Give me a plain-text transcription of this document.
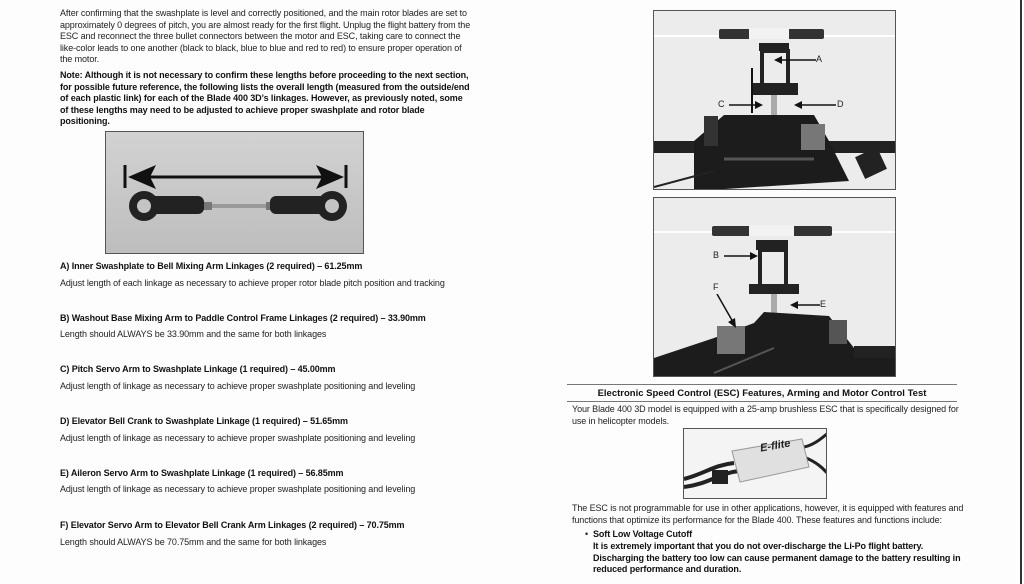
After confirming that the swashplate is level and correctly positioned, and the main rotor blades are set to approximately 0 degrees of pitch, you are almost ready for the first flight. Unplug the flight battery from the ESC and reconnect the three bullet connectors between the motor and ESC, taking care to connect the like-color leads to one another (black to black, blue to blue and red to red) to ensure proper operation of the motor.
Note: Although it is not necessary to confirm these lengths before proceeding to the next section, for possible future reference, the following lists the overall length (measured from the outside/end of each plastic link) for each of the Blade 400 3D’s linkages. However, as previously noted, some of these lengths may need to be adjusted to achieve proper swashplate and rotor blade positioning.
A) Inner Swashplate to Bell Mixing Arm Linkages (2 required) – 61.25mm
Adjust length of each linkage as necessary to achieve proper rotor blade pitch position and tracking
B) Washout Base Mixing Arm to Paddle Control Frame Linkages (2 required) – 33.90mm
Length should ALWAYS be 33.90mm and the same for both linkages
C) Pitch Servo Arm to Swashplate Linkage (1 required) – 45.00mm
Adjust length of linkage as necessary to achieve proper swashplate positioning and leveling
D) Elevator Bell Crank to Swashplate Linkage (1 required) – 51.65mm
Adjust length of linkage as necessary to achieve proper swashplate positioning and leveling
E) Aileron Servo Arm to Swashplate Linkage (1 required) – 56.85mm
Adjust length of linkage as necessary to achieve proper swashplate positioning and leveling
F) Elevator Servo Arm to Elevator Bell Crank Arm Linkages (2 required) – 70.75mm
Length should ALWAYS be 70.75mm and the same for both linkages
A
C	D
B
F
E
Electronic Speed Control (ESC) Features, Arming and Motor Control Test
Your Blade 400 3D model is equipped with a 25-amp brushless ESC that is specifically designed for use in helicopter models.
E-flite
The ESC is not programmable for use in other applications, however, it is equipped with features and functions that optimize its performance for the Blade 400. These features and functions include:
• Soft Low Voltage Cutoff
It is extremely important that you do not over-discharge the Li-Po flight battery. Discharging the battery too low can cause permanent damage to the battery resulting in reduced performance and duration.
